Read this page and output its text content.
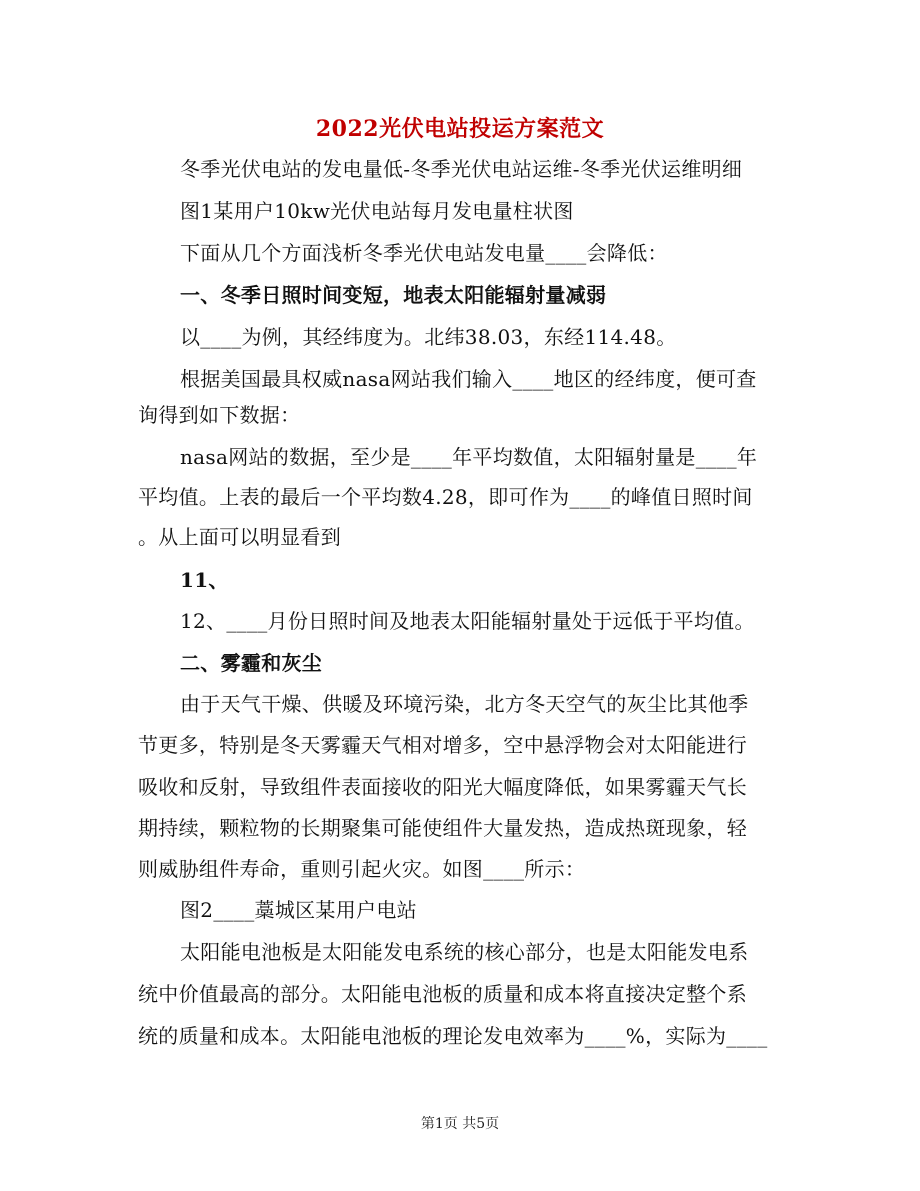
2022光伏电站投运方案范文
冬季光伏电站的发电量低-冬季光伏电站运维-冬季光伏运维明细
图1某用户10kw光伏电站每月发电量柱状图
下面从几个方面浅析冬季光伏电站发电量____会降低：
一、冬季日照时间变短，地表太阳能辐射量减弱
以____为例，其经纬度为。北纬38.03，东经114.48。
根据美国最具权威nasa网站我们输入____地区的经纬度，便可查
询得到如下数据：
nasa网站的数据，至少是____年平均数值，太阳辐射量是____年
平均值。上表的最后一个平均数4.28，即可作为____的峰值日照时间
。从上面可以明显看到
11、
12、____月份日照时间及地表太阳能辐射量处于远低于平均值。
二、雾霾和灰尘
由于天气干燥、供暖及环境污染，北方冬天空气的灰尘比其他季
节更多，特别是冬天雾霾天气相对增多，空中悬浮物会对太阳能进行
吸收和反射，导致组件表面接收的阳光大幅度降低，如果雾霾天气长
期持续，颗粒物的长期聚集可能使组件大量发热，造成热斑现象，轻
则威胁组件寿命，重则引起火灾。如图____所示：
图2____藁城区某用户电站
太阳能电池板是太阳能发电系统的核心部分，也是太阳能发电系
统中价值最高的部分。太阳能电池板的质量和成本将直接决定整个系
统的质量和成本。太阳能电池板的理论发电效率为____%，实际为____
第1页 共5页
